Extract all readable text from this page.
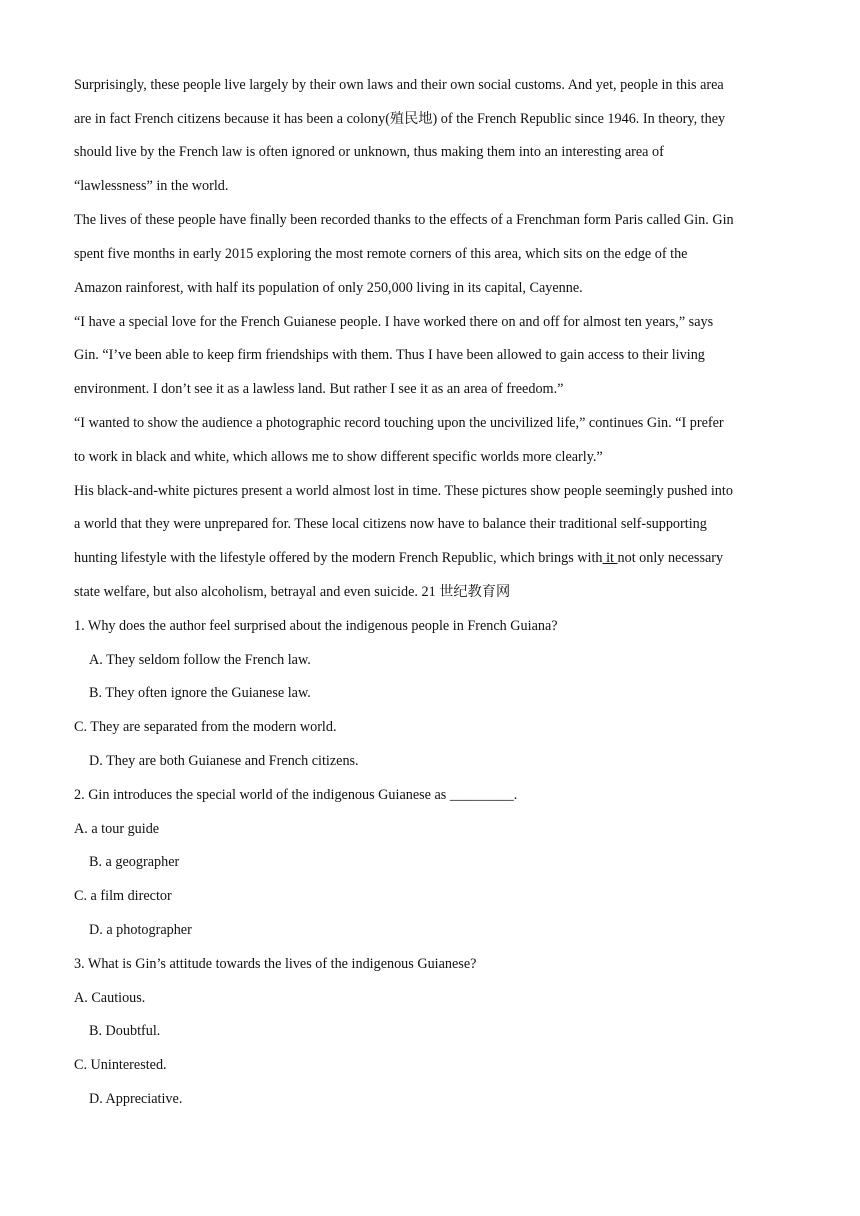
Surprisingly, these people live largely by their own laws and their own social customs. And yet, people in this area
are in fact French citizens because it has been a colony(殖民地) of the French Republic since 1946. In theory, they
should live by the French law is often ignored or unknown, thus making them into an interesting area of
“lawlessness” in the world.
The lives of these people have finally been recorded thanks to the effects of a Frenchman form Paris called Gin. Gin
spent five months in early 2015 exploring the most remote corners of this area, which sits on the edge of the
Amazon rainforest, with half its population of only 250,000 living in its capital, Cayenne.
“I have a special love for the French Guianese people. I have worked there on and off for almost ten years,” says
Gin. “I’ve been able to keep firm friendships with them. Thus I have been allowed to gain access to their living
environment. I don’t see it as a lawless land. But rather I see it as an area of freedom.”
“I wanted to show the audience a photographic record touching upon the uncivilized life,” continues Gin. “I prefer
to work in black and white, which allows me to show different specific worlds more clearly.”
His black-and-white pictures present a world almost lost in time. These pictures show people seemingly pushed into
a world that they were unprepared for. These local citizens now have to balance their traditional self-supporting
hunting lifestyle with the lifestyle offered by the modern French Republic, which brings with it not only necessary
state welfare, but also alcoholism, betrayal and even suicide. 21 世纪教育网
1. Why does the author feel surprised about the indigenous people in French Guiana?
A. They seldom follow the French law.
B. They often ignore the Guianese law.
C. They are separated from the modern world.
D. They are both Guianese and French citizens.
2. Gin introduces the special world of the indigenous Guianese as _________.
A. a tour guide
B. a geographer
C. a film director
D. a photographer
3. What is Gin’s attitude towards the lives of the indigenous Guianese?
A. Cautious.
B. Doubtful.
C. Uninterested.
D. Appreciative.
